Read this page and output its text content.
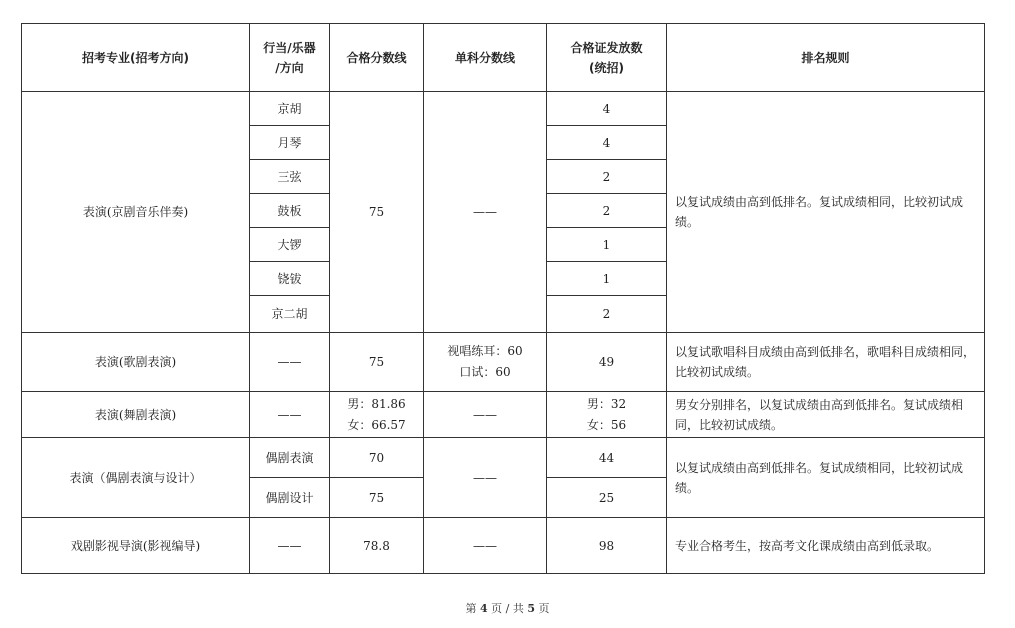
招考专业(招考方向)	行当/乐器
/方向	合格分数线	单科分数线	合格证发放数
(统招)	排名规则
表演(京剧音乐伴奏)	京胡	75	——	4	以复试成绩由高到低排名。复试成绩相同，比较初试成绩。
	月琴			4	
	三弦			2	
	鼓板			2	
	大锣			1	
	铙钹			1	
	京二胡			2	
表演(歌剧表演)	——	75	视唱练耳：60
口试：60	49	以复试歌唱科目成绩由高到低排名，歌唱科目成绩相同，比较初试成绩。
表演(舞剧表演)	——	男：81.86
女：66.57	——	男：32
女：56	男女分别排名，以复试成绩由高到低排名。复试成绩相同，比较初试成绩。
表演（偶剧表演与设计）	偶剧表演	70	——	44	以复试成绩由高到低排名。复试成绩相同，比较初试成绩。
	偶剧设计	75		25	
戏剧影视导演(影视编导)	——	78.8	——	98	专业合格考生，按高考文化课成绩由高到低录取。
第 4 页 / 共 5 页
